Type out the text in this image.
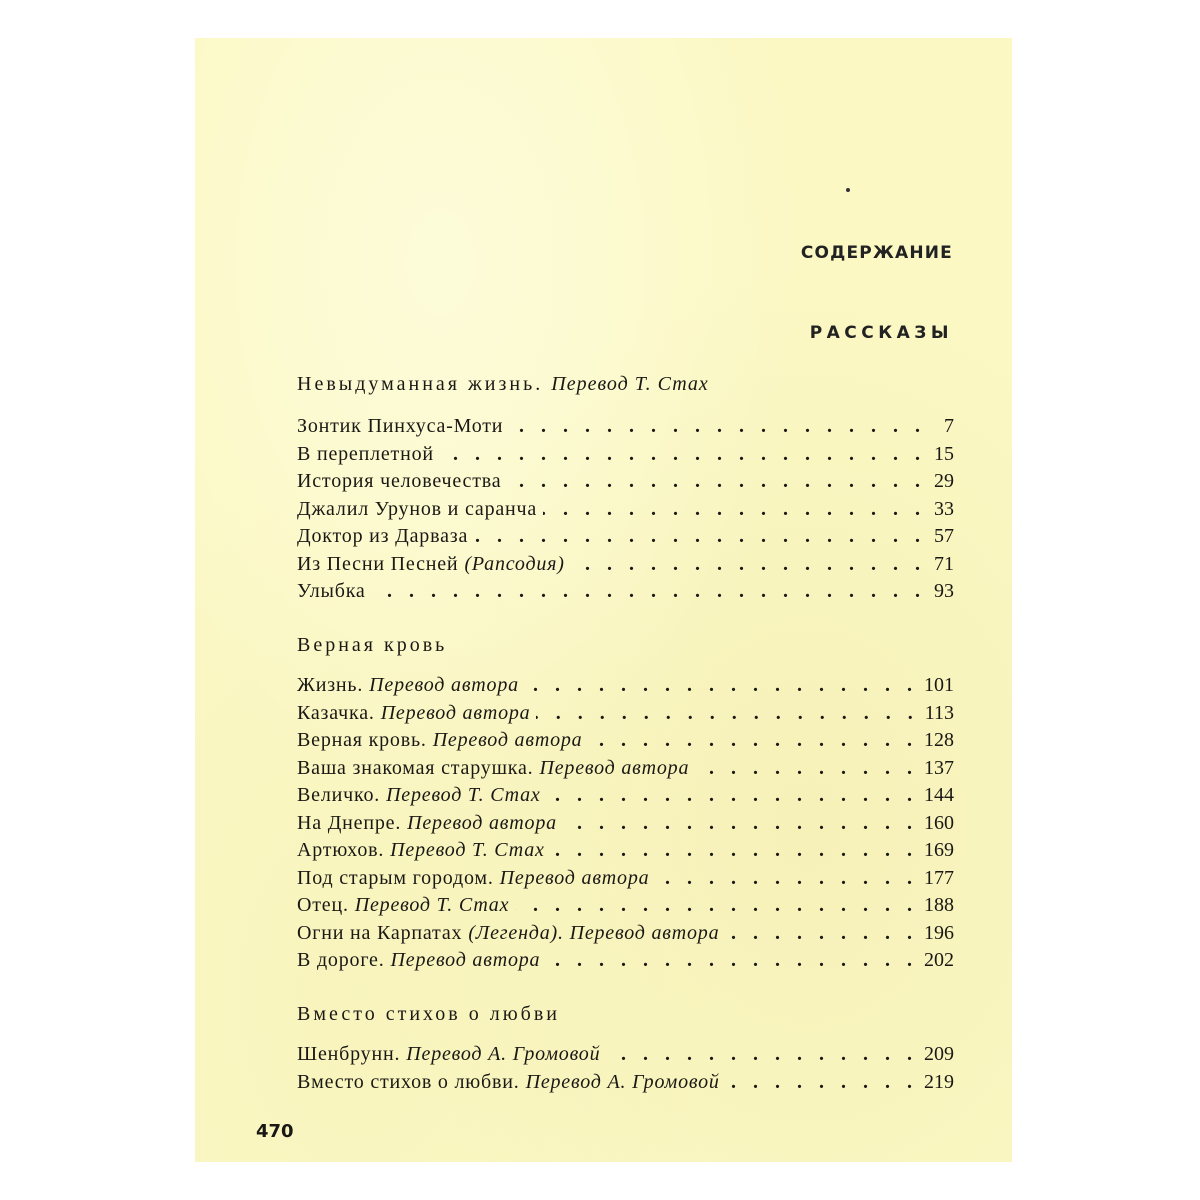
СОДЕРЖАНИЕ
РАССКАЗЫ
Невыдуманная жизнь. Перевод Т. Стах
Зонтик Пинхуса-Моти . . .	7
В переплетной . . .	15
История человечества . . .	29
Джалил Урунов и саранча . . .	33
Доктор из Дарваза . . .	57
Из Песни Песней (Рапсодия) . . .	71
Улыбка . . .	93
Верная кровь
Жизнь. Перевод автора . . .	101
Казачка. Перевод автора . . .	113
Верная кровь. Перевод автора . . .	128
Ваша знакомая старушка. Перевод автора . . .	137
Величко. Перевод Т. Стах . . .	144
На Днепре. Перевод автора . . .	160
Артюхов. Перевод Т. Стах . . .	169
Под старым городом. Перевод автора . . .	177
Отец. Перевод Т. Стах . . .	188
Огни на Карпатах (Легенда). Перевод автора . . .	196
В дороге. Перевод автора . . .	202
Вместо стихов о любви
Шенбрунн. Перевод А. Громовой . . .	209
Вместо стихов о любви. Перевод А. Громовой . . .	219
470
